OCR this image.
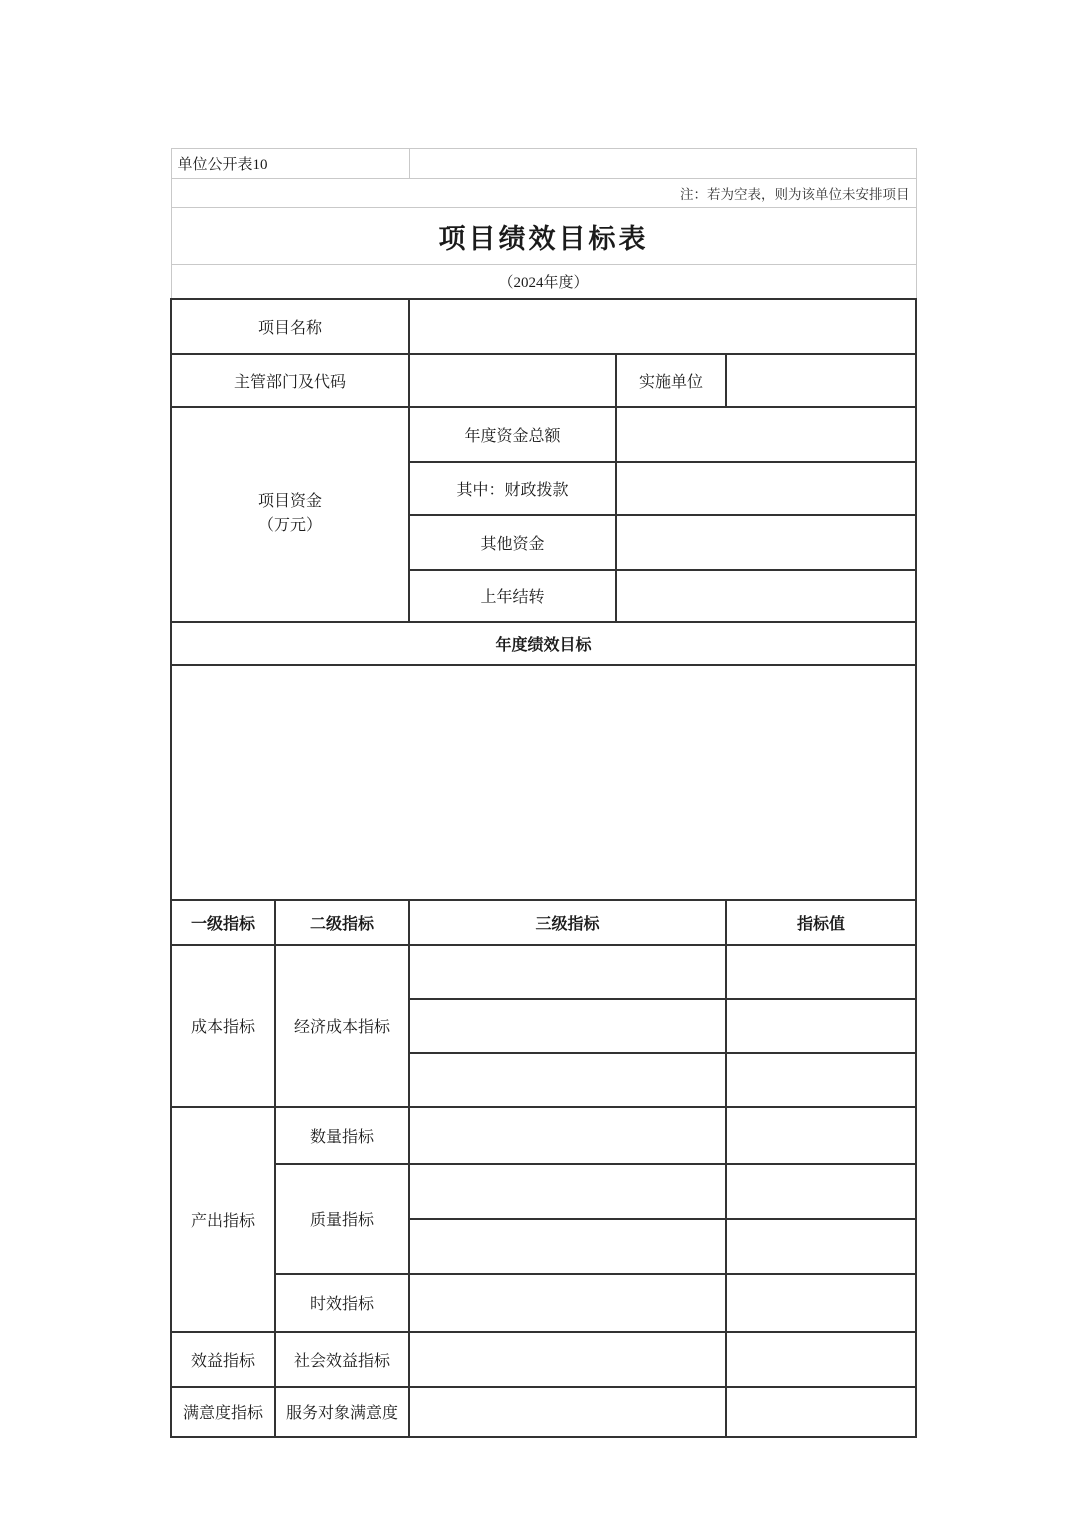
单位公开表10				
注：若为空表，则为该单位未安排项目				
项目绩效目标表				
（2024年度）				
项目名称				
主管部门及代码			实施单位	

项目资金
（万元）		年度资金总额		
		其中：财政拨款		
		其他资金		
		上年结转		
年度绩效目标				

一级指标	二级指标	三级指标		指标值
成本指标	经济成本指标			

产出指标	数量指标			
	质量指标			

	时效指标			
效益指标	社会效益指标			
满意度指标	服务对象满意度			
